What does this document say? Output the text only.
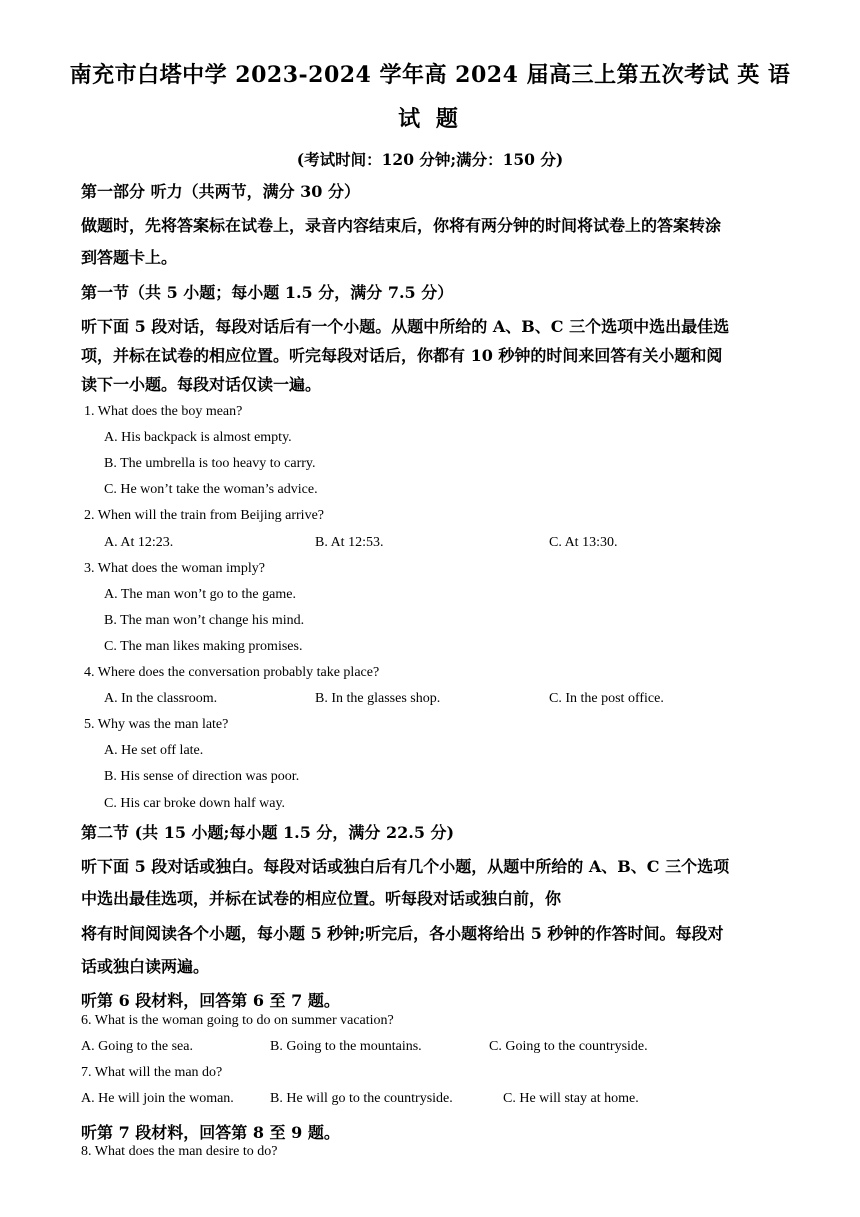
南充市白塔中学 2023-2024 学年高 2024 届高三上第五次考试 英 语
试 题
(考试时间：120 分钟;满分：150 分)
第一部分 听力（共两节，满分 30 分）
做题时，先将答案标在试卷上，录音内容结束后，你将有两分钟的时间将试卷上的答案转涂
到答题卡上。
第一节（共 5 小题；每小题 1.5 分，满分 7.5 分）
听下面 5 段对话，每段对话后有一个小题。从题中所给的 A、B、C 三个选项中选出最佳选
项，并标在试卷的相应位置。听完每段对话后，你都有 10 秒钟的时间来回答有关小题和阅
读下一小题。每段对话仅读一遍。
1. What does the boy mean?
A. His backpack is almost empty.
B. The umbrella is too heavy to carry.
C. He won’t take the woman’s advice.
2. When will the train from Beijing arrive?
A. At 12:23.	B. At 12:53.	C. At 13:30.
3. What does the woman imply?
A. The man won’t go to the game.
B. The man won’t change his mind.
C. The man likes making promises.
4. Where does the conversation probably take place?
A. In the classroom.	B. In the glasses shop.	C. In the post office.
5. Why was the man late?
A. He set off late.
B. His sense of direction was poor.
C. His car broke down half way.
第二节 (共 15 小题;每小题 1.5 分，满分 22.5 分)
听下面 5 段对话或独白。每段对话或独白后有几个小题，从题中所给的 A、B、C 三个选项
中选出最佳选项，并标在试卷的相应位置。听每段对话或独白前，你
将有时间阅读各个小题，每小题 5 秒钟;听完后，各小题将给出 5 秒钟的作答时间。每段对
话或独白读两遍。
听第 6 段材料，回答第 6 至 7 题。
6. What is the woman going to do on summer vacation?
A. Going to the sea.	B. Going to the mountains.	C. Going to the countryside.
7. What will the man do?
A. He will join the woman.	B. He will go to the countryside.	C. He will stay at home.
听第 7 段材料，回答第 8 至 9 题。
8. What does the man desire to do?
